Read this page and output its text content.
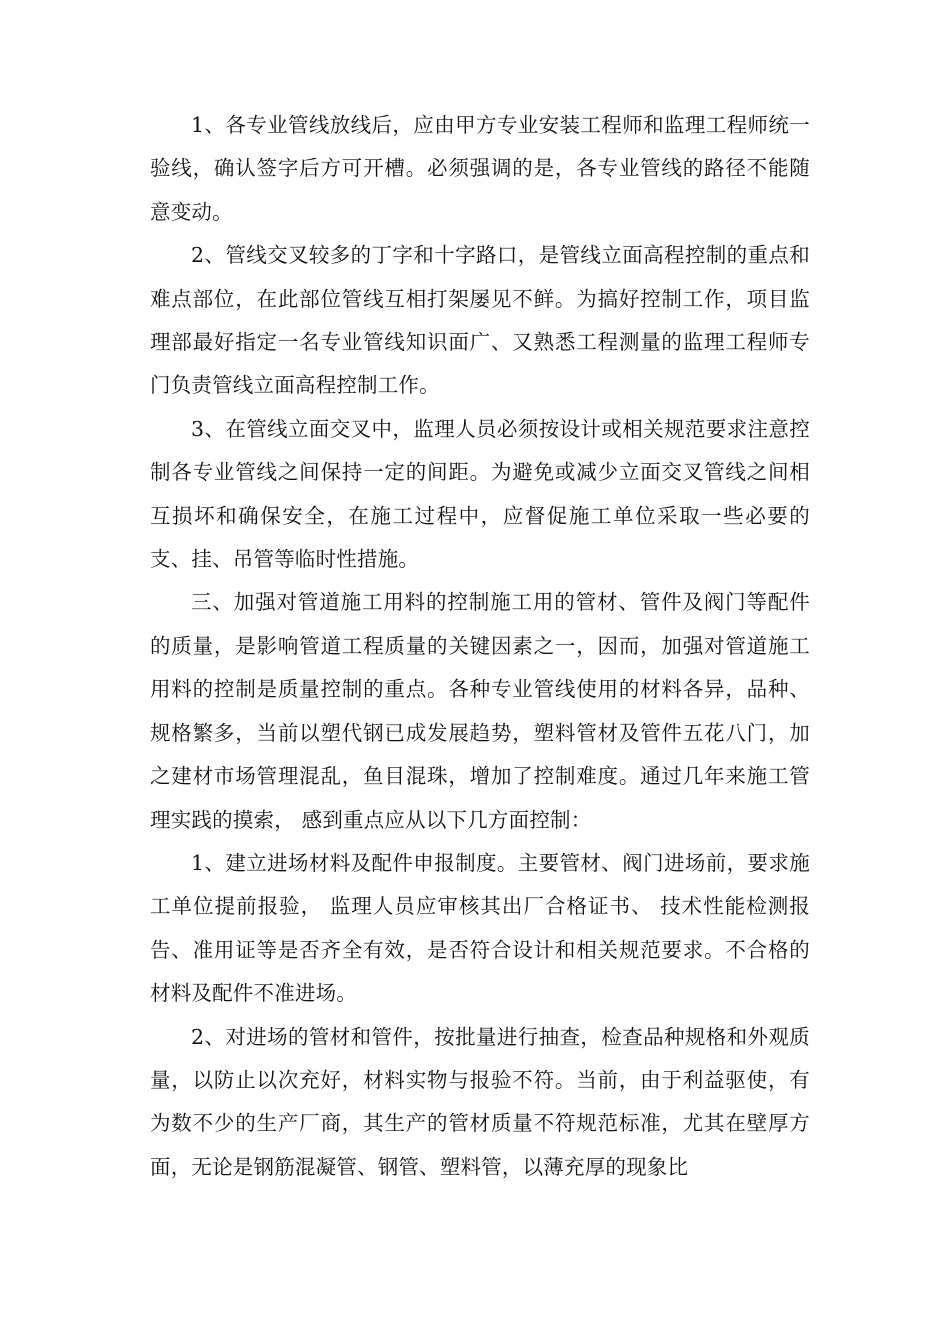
1、各专业管线放线后，应由甲方专业安装工程师和监理工程师统一验线，确认签字后方可开槽。必须强调的是，各专业管线的路径不能随意变动。

2、管线交叉较多的丁字和十字路口，是管线立面高程控制的重点和难点部位，在此部位管线互相打架屡见不鲜。为搞好控制工作，项目监理部最好指定一名专业管线知识面广、又熟悉工程测量的监理工程师专门负责管线立面高程控制工作。

3、在管线立面交叉中，监理人员必须按设计或相关规范要求注意控制各专业管线之间保持一定的间距。为避免或减少立面交叉管线之间相互损坏和确保安全，在施工过程中，应督促施工单位采取一些必要的支、挂、吊管等临时性措施。

三、加强对管道施工用料的控制施工用的管材、管件及阀门等配件的质量，是影响管道工程质量的关键因素之一，因而，加强对管道施工用料的控制是质量控制的重点。各种专业管线使用的材料各异，品种、规格繁多，当前以塑代钢已成发展趋势，塑料管材及管件五花八门，加之建材市场管理混乱，鱼目混珠，增加了控制难度。通过几年来施工管理实践的摸索， 感到重点应从以下几方面控制：

1、建立进场材料及配件申报制度。主要管材、阀门进场前，要求施工单位提前报验， 监理人员应审核其出厂合格证书、 技术性能检测报告、准用证等是否齐全有效，是否符合设计和相关规范要求。不合格的材料及配件不准进场。

2、对进场的管材和管件，按批量进行抽查，检查品种规格和外观质量，以防止以次充好，材料实物与报验不符。当前，由于利益驱使，有为数不少的生产厂商，其生产的管材质量不符规范标准，尤其在壁厚方面，无论是钢筋混凝管、钢管、塑料管，以薄充厚的现象比
